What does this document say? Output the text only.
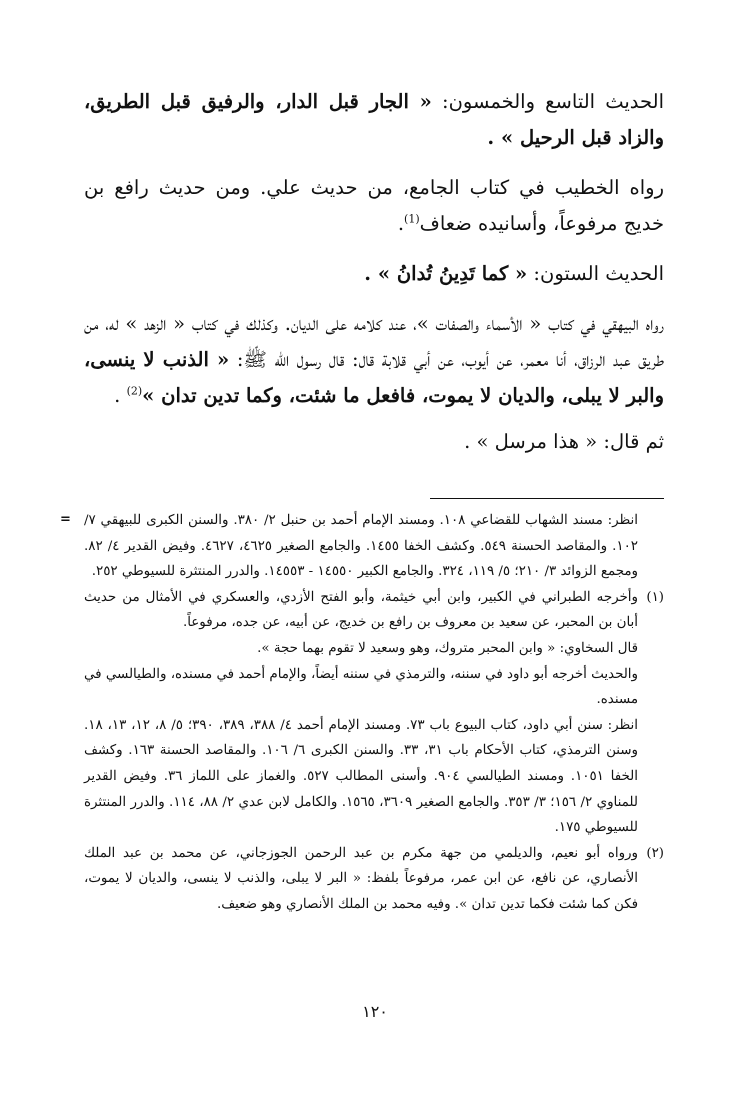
الحديث التاسع والخمسون: « الجار قبل الدار، والرفيق قبل الطريق، والزاد قبل الرحيل » .

رواه الخطيب في كتاب الجامع، من حديث علي. ومن حديث رافع بن خديج مرفوعاً، وأسانيده ضعاف$^{(1)}$.

الحديث الستون: « كما تَدِينُ تُدانُ » .

رواه البيهقي في كتاب « الأسماء والصفات »، عند كلامه على الديان. وكذلك في كتاب « الزهد » له، من طريق عبد الرزاق، أنا معمر، عن أيوب، عن أبي قلابة قال: قال رسول الله ﷺ: « الذنب لا ينسى، والبر لا يبلى، والديان لا يموت، فافعل ما شئت، وكما تدين تدان »$^{(2)}$ .

ثم قال: « هذا مرسل » .

= انظر: مسند الشهاب للقضاعي ١٠٨. ومسند الإمام أحمد بن حنبل ٢/ ٣٨٠. والسنن الكبرى للبيهقي ٧/ ١٠٢. والمقاصد الحسنة ٥٤٩. وكشف الخفا ١٤٥٥. والجامع الصغير ٤٦٢٥، ٤٦٢٧. وفيض القدير ٤/ ٨٢. ومجمع الزوائد ٣/ ٢١٠؛ ٥/ ١١٩، ٣٢٤. والجامع الكبير ١٤٥٥٠ - ١٤٥٥٣. والدرر المنتثرة للسيوطي ٢٥٢.
(١)
وأخرجه الطبراني في الكبير، وابن أبي خيثمة، وأبو الفتح الأزدي، والعسكري في الأمثال من حديث أبان بن المحبر، عن سعيد بن معروف بن رافع بن خديج، عن أبيه، عن جده، مرفوعاً.
قال السخاوي: « وابن المحبر متروك، وهو وسعيد لا تقوم بهما حجة ».
والحديث أخرجه أبو داود في سننه، والترمذي في سننه أيضاً، والإمام أحمد في مسنده، والطيالسي في مسنده.
انظر: سنن أبي داود، كتاب البيوع باب ٧٣. ومسند الإمام أحمد ٤/ ٣٨٨، ٣٨٩، ٣٩٠؛ ٥/ ٨، ١٢، ١٣، ١٨. وسنن الترمذي، كتاب الأحكام باب ٣١، ٣٣. والسنن الكبرى ٦/ ١٠٦. والمقاصد الحسنة ١٦٣. وكشف الخفا ١٠٥١. ومسند الطيالسي ٩٠٤. وأسنى المطالب ٥٢٧. والغماز على اللماز ٣٦. وفيض القدير للمناوي ٢/ ١٥٦؛ ٣/ ٣٥٣. والجامع الصغير ٣٦٠٩، ١٥٦٥. والكامل لابن عدي ٢/ ٨٨، ١١٤. والدرر المنتثرة للسيوطي ١٧٥.
(٢)
ورواه أبو نعيم، والديلمي من جهة مكرم بن عبد الرحمن الجوزجاني، عن محمد بن عبد الملك الأنصاري، عن نافع، عن ابن عمر، مرفوعاً بلفظ: « البر لا يبلى، والذنب لا ينسى، والديان لا يموت، فكن كما شئت فكما تدين تدان ». وفيه محمد بن الملك الأنصاري وهو ضعيف.
١٢٠
